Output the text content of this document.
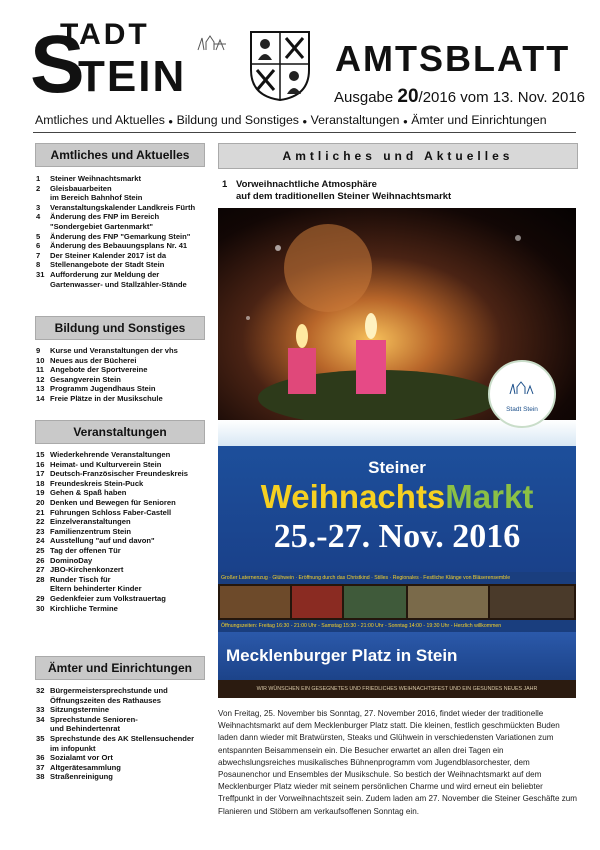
S
TADT
TEIN	AMTSBLATT
Ausgabe 20/2016 vom 13. Nov. 2016
Amtliches und Aktuelles ● Bildung und Sonstiges ● Veranstaltungen ● Ämter und Einrichtungen
Amtliches und Aktuelles
1	Steiner Weihnachtsmarkt
2	Gleisbauarbeiten
im Bereich Bahnhof Stein
3	Veranstaltungskalender Landkreis Fürth
4	Änderung des FNP im Bereich
"Sondergebiet Gartenmarkt"
5	Änderung des FNP "Gemarkung Stein"
6	Änderung des Bebauungsplans Nr. 41
7	Der Steiner Kalender 2017 ist da
8	Stellenangebote der Stadt Stein
31 Aufforderung zur Meldung der
Gartenwasser- und Stallzähler-Stände
Bildung und Sonstiges
9	Kurse und Veranstaltungen der vhs
10 Neues aus der Bücherei
11 Angebote der Sportvereine
12 Gesangverein Stein
13 Programm Jugendhaus Stein
14 Freie Plätze in der Musikschule
Veranstaltungen
15 Wiederkehrende Veranstaltungen
16 Heimat- und Kulturverein Stein
17 Deutsch-Französischer Freundeskreis
18 Freundeskreis Stein-Puck
19 Gehen & Spaß haben
20 Denken und Bewegen für Senioren
21 Führungen Schloss Faber-Castell
22 Einzelveranstaltungen
23 Familienzentrum Stein
24 Ausstellung "auf und davon"
25 Tag der offenen Tür
26 DominoDay
27 JBO-Kirchenkonzert
28 Runder Tisch für
Eltern behinderter Kinder
29 Gedenkfeier zum Volkstrauertag
30 Kirchliche Termine
Ämter und Einrichtungen
32 Bürgermeistersprechstunde und
Öffnungszeiten des Rathauses
33 Sitzungstermine
34 Sprechstunde Senioren-
und Behindertenrat
35 Sprechstunde des AK Stellensuchender
im infopunkt
36 Sozialamt vor Ort
37 Altgerätesammlung
38 Straßenreinigung
Amtliches und Aktuelles
1 Vorweihnachtliche Atmosphäre
auf dem traditionellen Steiner Weihnachtsmarkt
Stadt Stein
Steiner
WeihnachtsMarkt
25.-27. Nov. 2016
Großer Laternenzug · Glühwein · Eröffnung durch das Christkind · Stilles · Regionales · Festliche Klänge von Bläserensemble
Öffnungszeiten: Freitag 16:30 - 21:00 Uhr - Samstag 15:30 - 21:00 Uhr - Sonntag 14:00 - 19:30 Uhr - Herzlich willkommen
Mecklenburger Platz in Stein
WIR WÜNSCHEN EIN GESEGNETES UND FRIEDLICHES WEIHNACHTSFEST UND EIN GESUNDES NEUES JAHR
Von Freitag, 25. November bis Sonntag, 27. November 2016, findet wieder der traditionelle Weihnachtsmarkt auf dem Mecklenburger Platz statt. Die kleinen, festlich geschmückten Buden laden dann wieder mit Bratwürsten, Steaks und Glühwein in verschiedensten Variationen zum entspannten Beisammensein ein. Die Besucher erwartet an allen drei Tagen ein abwechslungsreiches musikalisches Bühnenprogramm vom Jugendblasorchester, dem Posaunenchor und Ensembles der Musikschule. So bestich der Weihnachtsmarkt auf dem Mecklenburger Platz wieder mit seinem persönlichen Charme und wird erneut ein beliebter Treffpunkt in der Vorweihnachtszeit sein. Zudem laden am 27. November die Steiner Geschäfte zum Flanieren und Stöbern am verkaufsoffenen Sonntag ein.
